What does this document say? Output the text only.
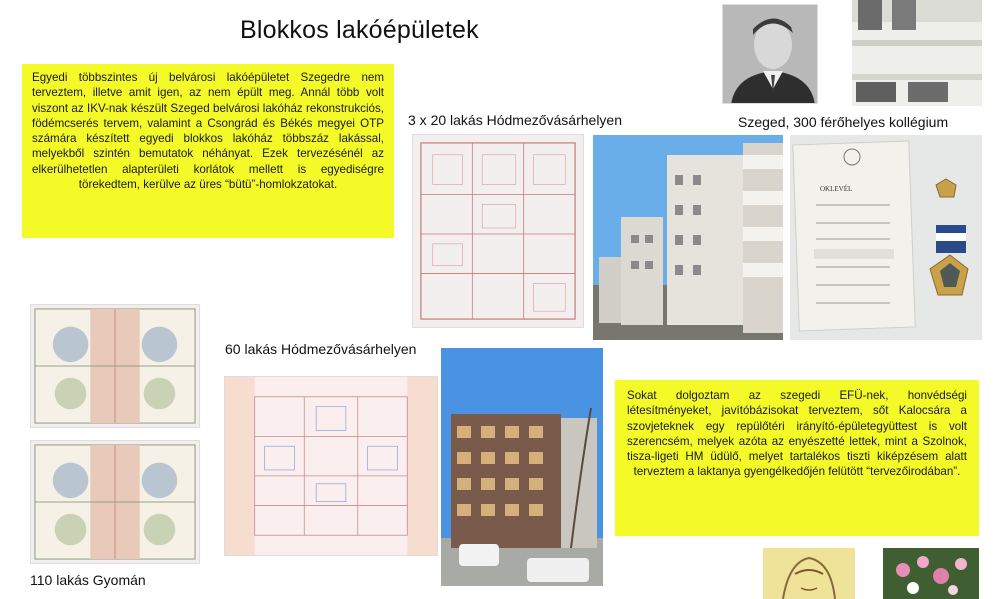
Blokkos lakóépületek
Egyedi többszintes új belvárosi lakóépületet Szegedre nem terveztem, illetve amit igen, az nem épült meg. Annál több volt viszont az IKV-nak készült Szeged belvárosi lakóház rekonstrukciós, födémcserés tervem, valamint a Csongrád és Békés megyei OTP számára készített egyedi blokkos lakóház többszáz lakással, melyekből szintén bemutatok néhányat. Ezek tervezésénél az elkerülhetetlen alapterületi korlátok mellett is egyediségre törekedtem, kerülve az üres “bütü”-homlokzatokat.
3 x 20 lakás Hódmezővásárhelyen	Szeged, 300 férőhelyes kollégium
OKLEVÉL
110 lakás Gyomán
60 lakás Hódmezővásárhelyen
Sokat dolgoztam az szegedi EFÜ-nek, honvédségi létesítményeket, javítóbázisokat terveztem, sőt Kalocsára a szovjeteknek egy repülőtéri irányító-épületegyüttest is volt szerencsém, melyek azóta az enyészetté lettek, mint a Szolnok, tisza-ligeti HM üdülő, melyet tartalékos tiszti kiképzésem alatt terveztem a laktanya gyengélkedőjén felütött “tervezőirodában”.
